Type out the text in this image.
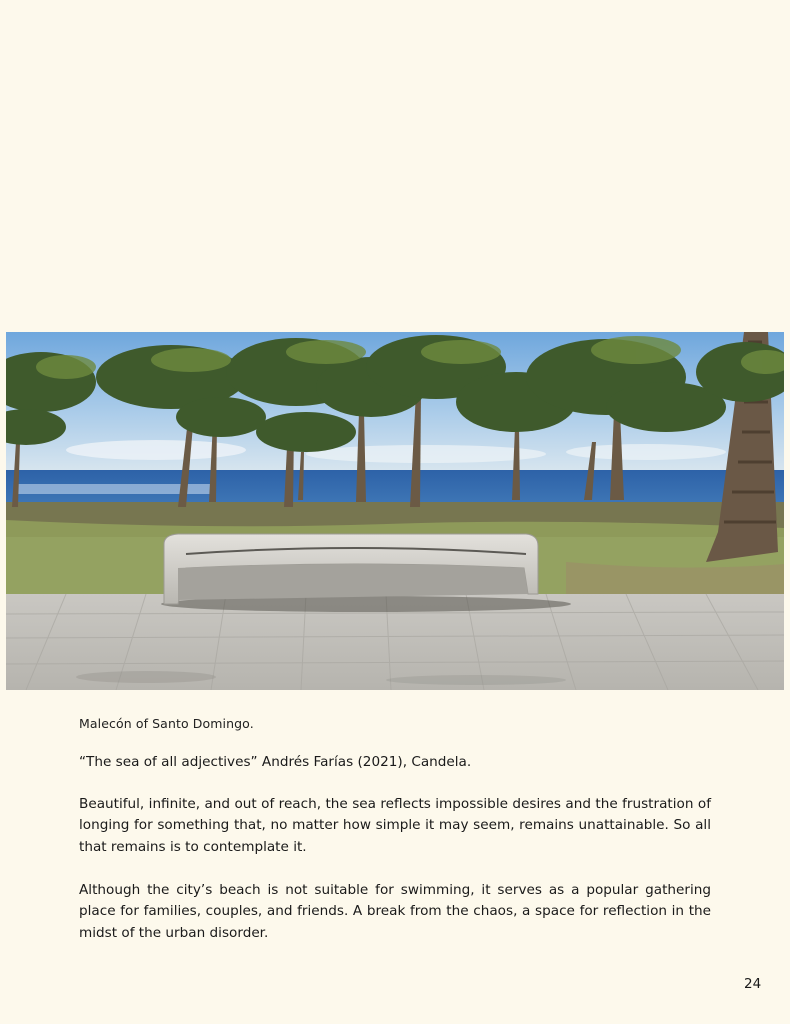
Malecón of Santo Domingo.
“The sea of all adjectives” Andrés Farías (2021), Candela.
Beautiful, infinite, and out of reach, the sea reflects impossible desires and the frustration of longing for something that, no matter how simple it may seem, remains unattainable. So all that remains is to contemplate it.
Although the city’s beach is not suitable for swimming, it serves as a popular gathering place for families, couples, and friends. A break from the chaos, a space for reflection in the midst of the urban disorder.
24
